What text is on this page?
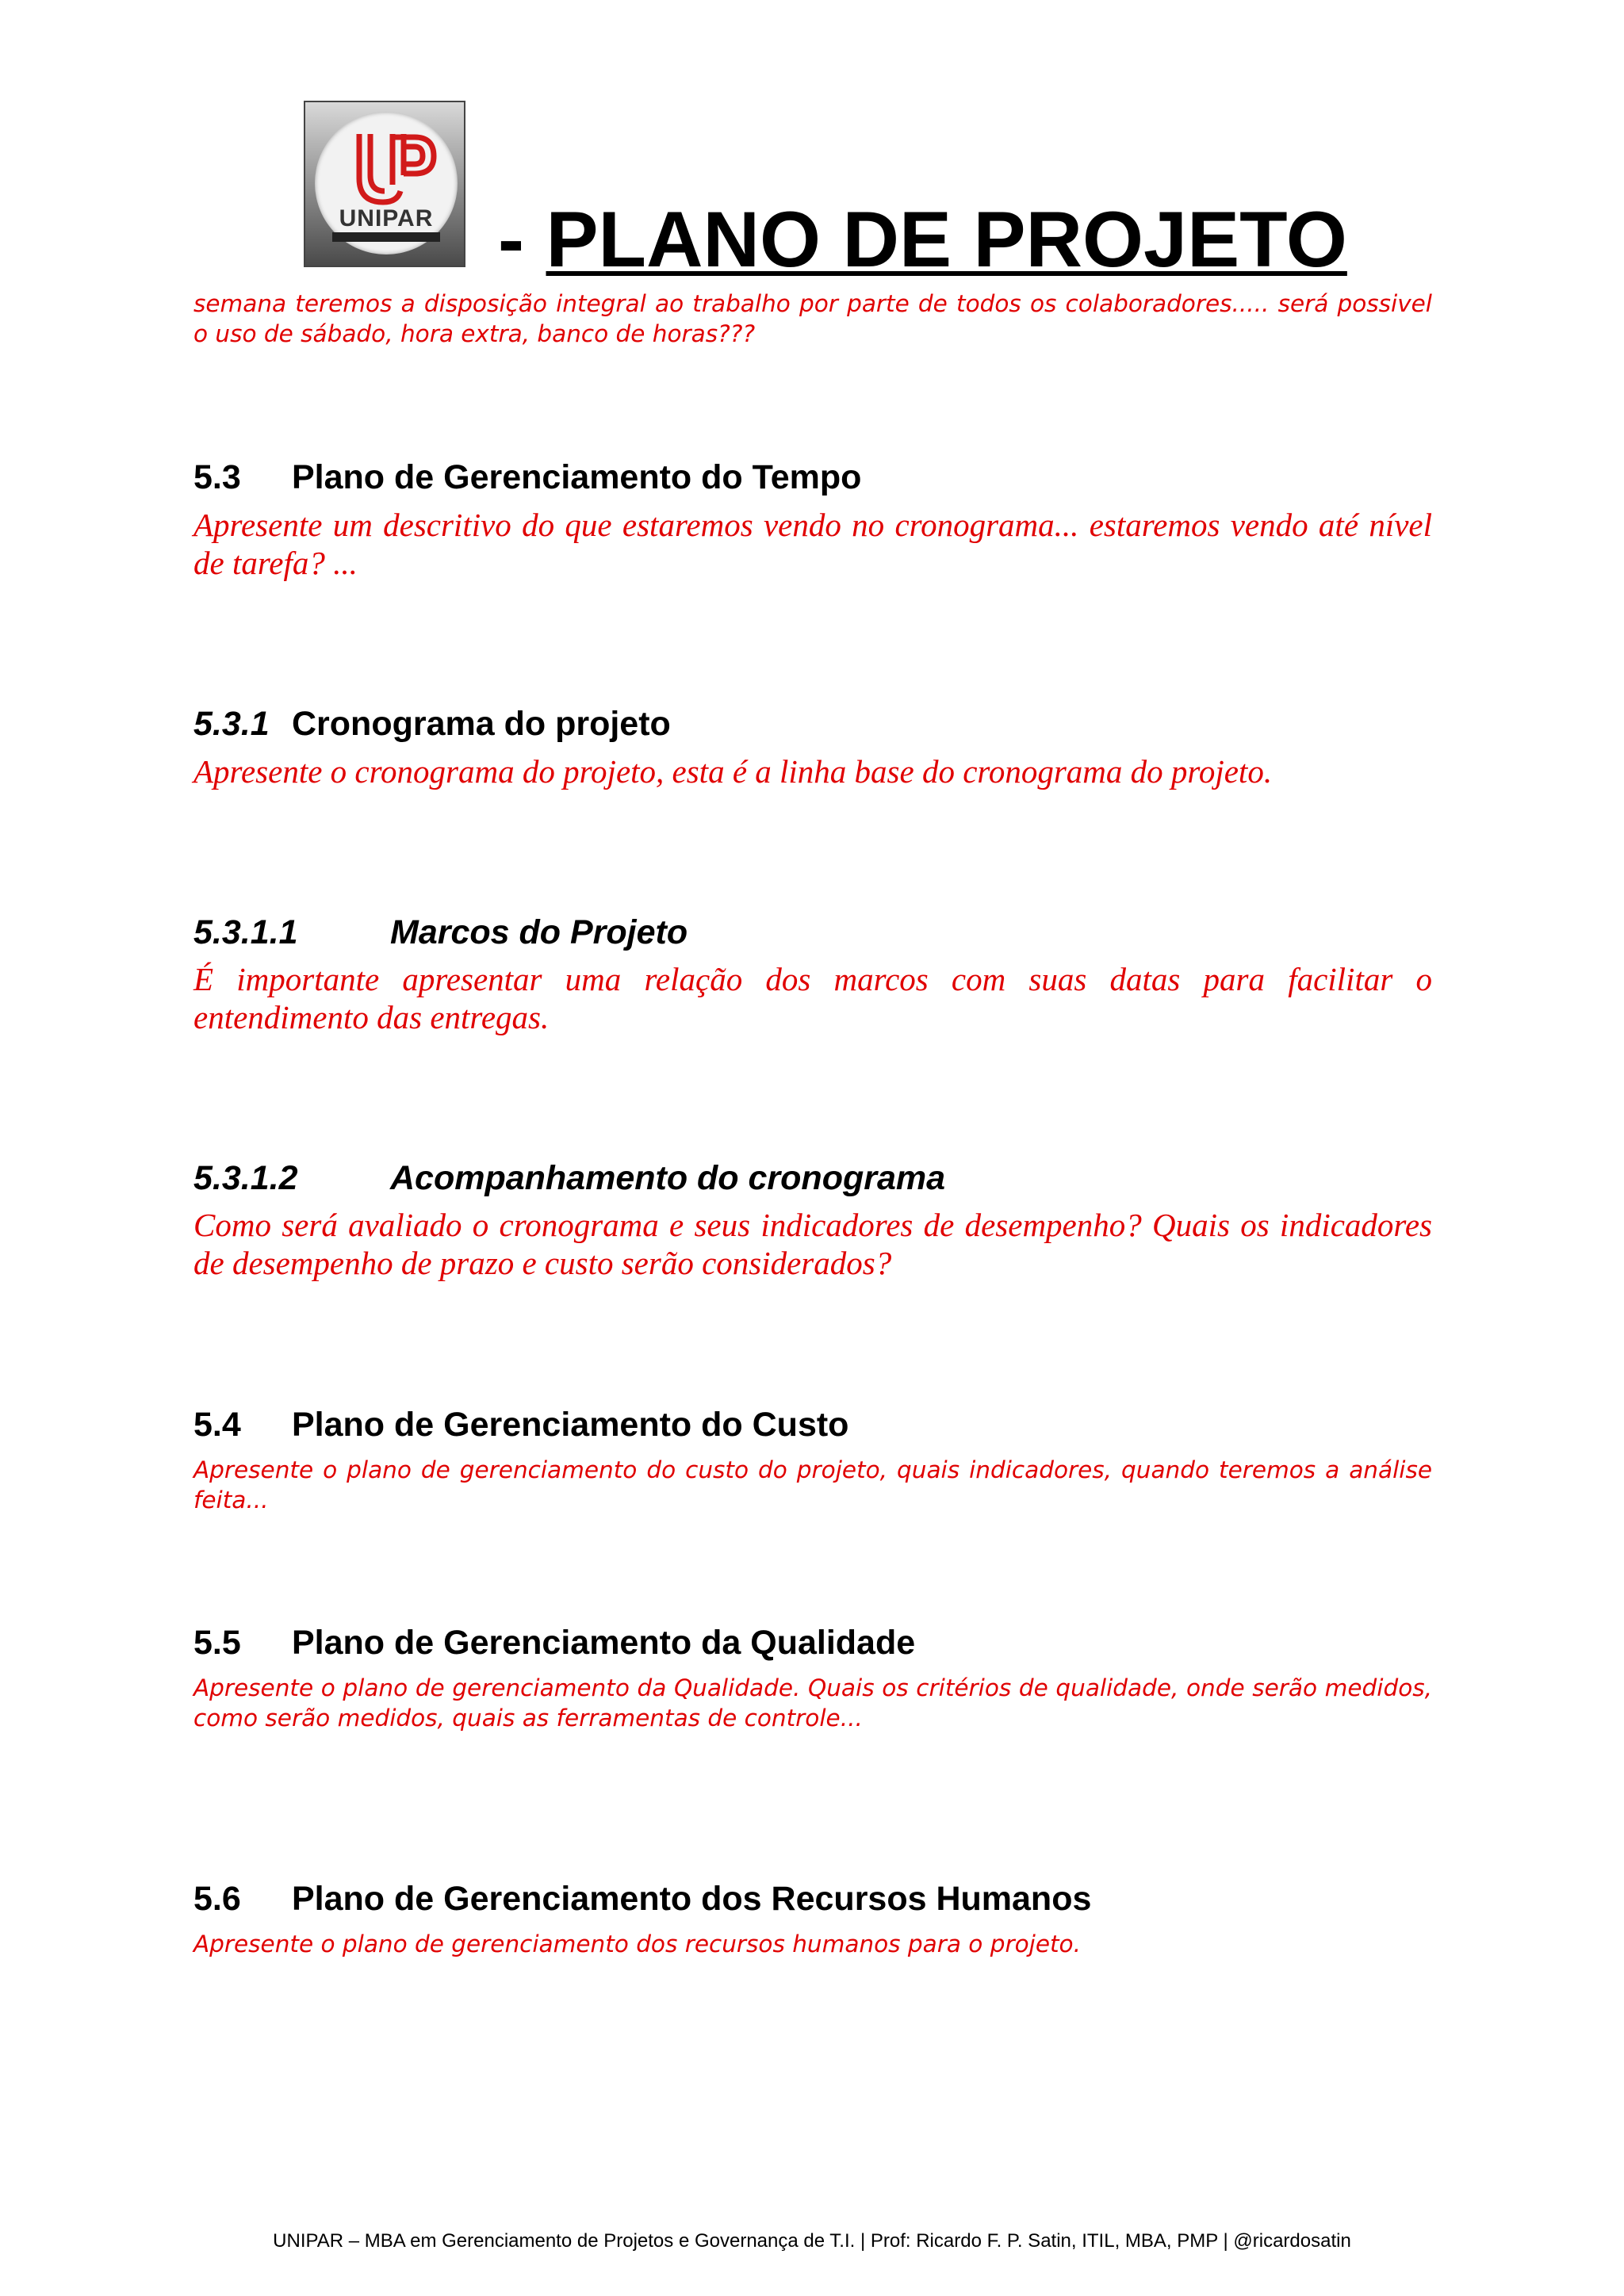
UNIPAR - PLANO DE PROJETO

semana teremos a disposição integral ao trabalho por parte de todos os colaboradores..... será possivel o uso de sábado, hora extra, banco de horas???

5.3 Plano de Gerenciamento do Tempo

Apresente um descritivo do que estaremos vendo no cronograma... estaremos vendo até nível de tarefa? ...

5.3.1 Cronograma do projeto

Apresente o cronograma do projeto, esta é a linha base do cronograma do projeto.

5.3.1.1	Marcos do Projeto

É importante apresentar uma relação dos marcos com suas datas para facilitar o entendimento das entregas.

5.3.1.2	Acompanhamento do cronograma

Como será avaliado o cronograma e seus indicadores de desempenho? Quais os indicadores de desempenho de prazo e custo serão considerados?

5.4 Plano de Gerenciamento do Custo

Apresente o plano de gerenciamento do custo do projeto, quais indicadores, quando teremos a análise feita...

5.5 Plano de Gerenciamento da Qualidade

Apresente o plano de gerenciamento da Qualidade. Quais os critérios de qualidade, onde serão medidos, como serão medidos, quais as ferramentas de controle...

5.6 Plano de Gerenciamento dos Recursos Humanos

Apresente o plano de gerenciamento dos recursos humanos para o projeto.

UNIPAR – MBA em Gerenciamento de Projetos e Governança de T.I. | Prof: Ricardo F. P. Satin, ITIL, MBA, PMP | @ricardosatin
